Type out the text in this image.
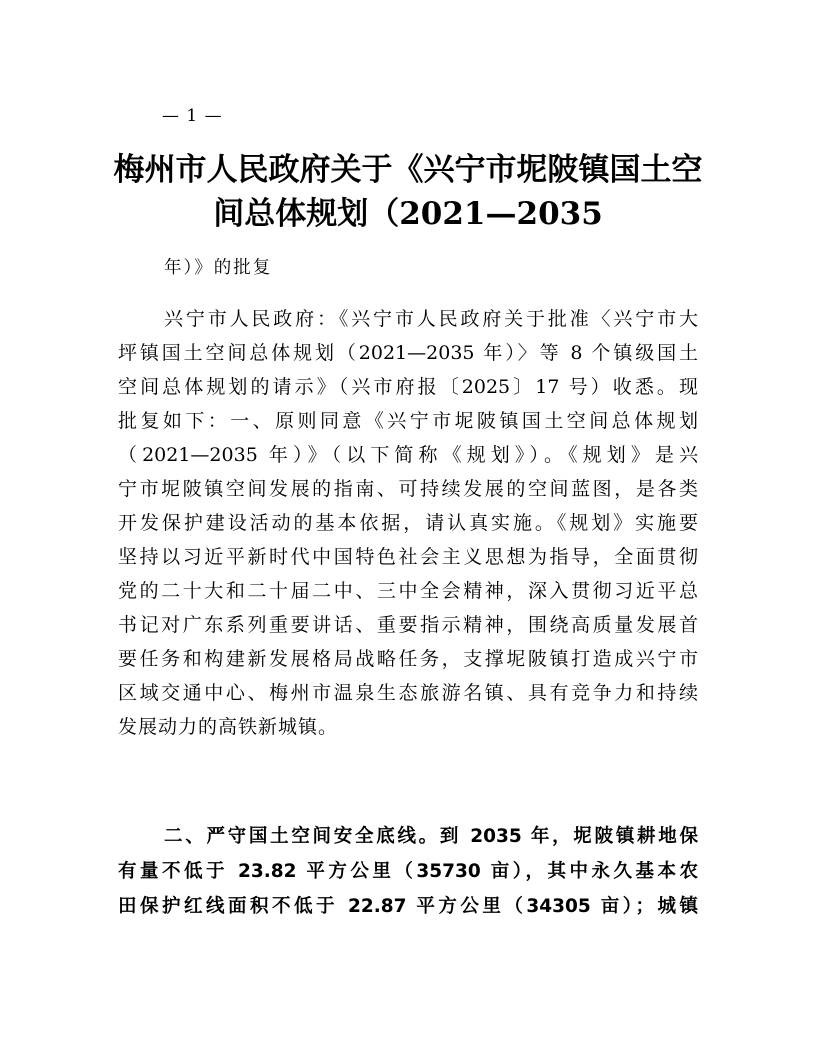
— 1 —
梅州市人民政府关于《兴宁市坭陂镇国土空
间总体规划（2021—2035
年）》的批复
兴宁市人民政府：《兴宁市人民政府关于批准〈兴宁市大
坪镇国土空间总体规划（2021—2035 年）〉等 8 个镇级国土
空间总体规划的请示》（兴市府报〔2025〕17 号）收悉。现
批复如下：一、原则同意《兴宁市坭陂镇国土空间总体规划
（2021—2035 年）》（以下简称《规划》）。《规划》是兴
宁市坭陂镇空间发展的指南、可持续发展的空间蓝图，是各类
开发保护建设活动的基本依据，请认真实施。《规划》实施要
坚持以习近平新时代中国特色社会主义思想为指导，全面贯彻
党的二十大和二十届二中、三中全会精神，深入贯彻习近平总
书记对广东系列重要讲话、重要指示精神，围绕高质量发展首
要任务和构建新发展格局战略任务，支撑坭陂镇打造成兴宁市
区域交通中心、梅州市温泉生态旅游名镇、具有竞争力和持续
发展动力的高铁新城镇。
二、严守国土空间安全底线。到 2035 年，坭陂镇耕地保
有量不低于 23.82 平方公里（35730 亩），其中永久基本农
田保护红线面积不低于 22.87 平方公里（34305 亩）；城镇
